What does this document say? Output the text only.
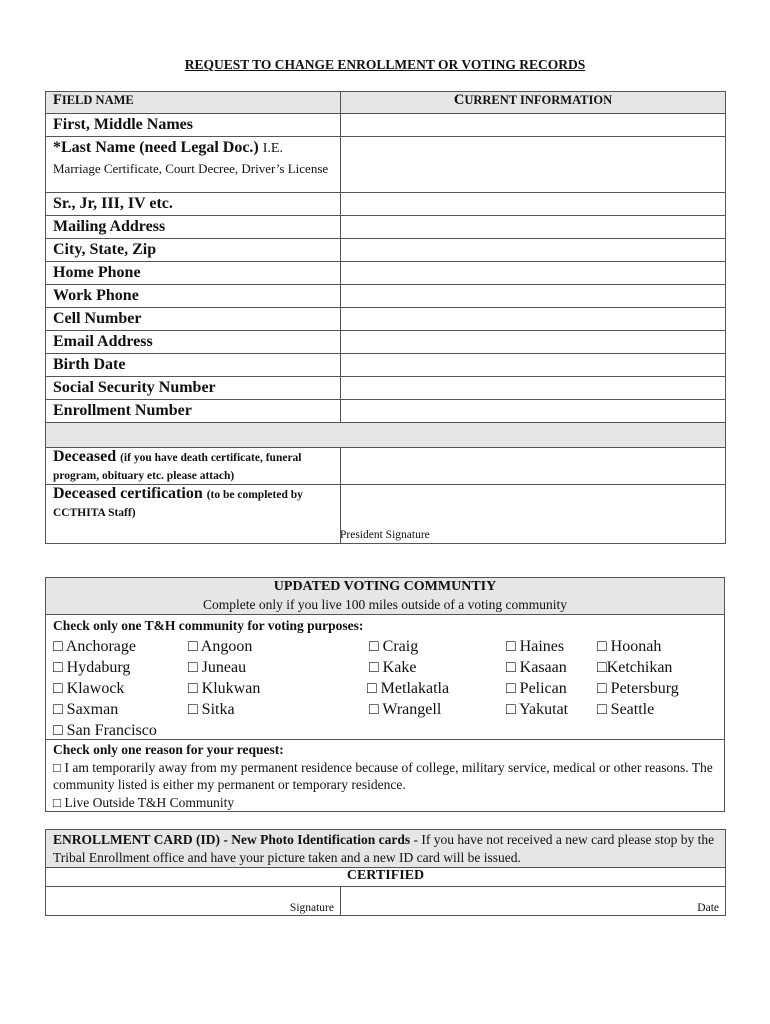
REQUEST TO CHANGE ENROLLMENT OR VOTING RECORDS
FIELD NAME	CURRENT INFORMATION
First, Middle Names	
*Last Name (need Legal Doc.) I.E.
Marriage Certificate, Court Decree, Driver’s License	

Sr., Jr, III, IV etc.	
Mailing Address	
City, State, Zip	
Home Phone	
Work Phone	
Cell Number	
Email Address	
Birth Date	
Social Security Number	
Enrollment Number	

Deceased (if you have death certificate, funeral program, obituary etc. please attach)	
Deceased certification (to be completed by CCTHITA Staff)
President Signature	

UPDATED VOTING COMMUNTIY
Complete only if you live 100 miles outside of a voting community

Check only one T&H community for voting purposes:
□ Anchorage	□ Angoon	□ Craig	□ Haines □ Hoonah
□ Hydaburg	□ Juneau	□ Kake	□ Kasaan □Ketchikan
□ Klawock	□ Klukwan	□ Metlakatla	□ Pelican □ Petersburg
□ Saxman	□ Sitka	□ Wrangell	□ Yakutat □ Seattle
□ San Francisco

Check only one reason for your request:
□ I am temporarily away from my permanent residence because of college, military service, medical or other reasons. The community listed is either my permanent or temporary residence.
□ Live Outside T&H Community
ENROLLMENT CARD (ID) - New Photo Identification cards - If you have not received a new card please stop by the Tribal Enrollment office and have your picture taken and a new ID card will be issued.
CERTIFIED

Signature	Date
